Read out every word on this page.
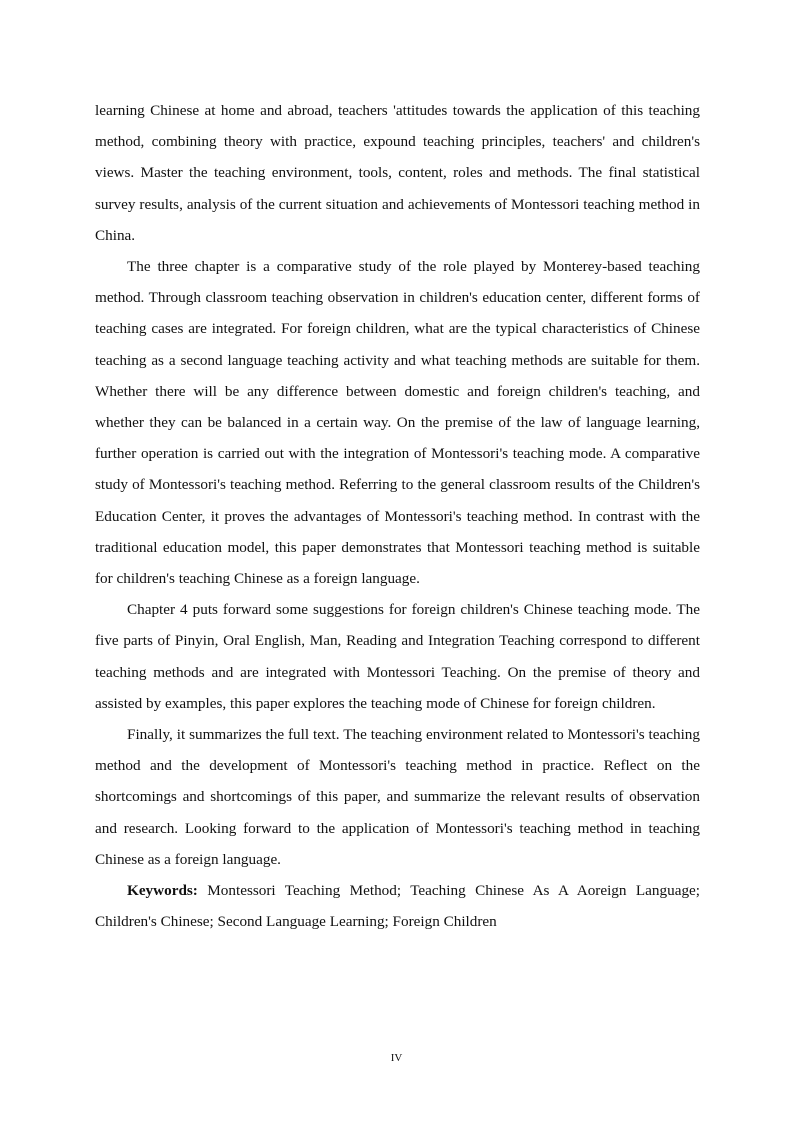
learning Chinese at home and abroad, teachers 'attitudes towards the application of this teaching method, combining theory with practice, expound teaching principles, teachers' and children's views. Master the teaching environment, tools, content, roles and methods. The final statistical survey results, analysis of the current situation and achievements of Montessori teaching method in China.

The three chapter is a comparative study of the role played by Monterey-based teaching method. Through classroom teaching observation in children's education center, different forms of teaching cases are integrated. For foreign children, what are the typical characteristics of Chinese teaching as a second language teaching activity and what teaching methods are suitable for them. Whether there will be any difference between domestic and foreign children's teaching, and whether they can be balanced in a certain way. On the premise of the law of language learning, further operation is carried out with the integration of Montessori's teaching mode. A comparative study of Montessori's teaching method. Referring to the general classroom results of the Children's Education Center, it proves the advantages of Montessori's teaching method. In contrast with the traditional education model, this paper demonstrates that Montessori teaching method is suitable for children's teaching Chinese as a foreign language.

Chapter 4 puts forward some suggestions for foreign children's Chinese teaching mode. The five parts of Pinyin, Oral English, Man, Reading and Integration Teaching correspond to different teaching methods and are integrated with Montessori Teaching. On the premise of theory and assisted by examples, this paper explores the teaching mode of Chinese for foreign children.

Finally, it summarizes the full text. The teaching environment related to Montessori's teaching method and the development of Montessori's teaching method in practice. Reflect on the shortcomings and shortcomings of this paper, and summarize the relevant results of observation and research. Looking forward to the application of Montessori's teaching method in teaching Chinese as a foreign language.

Keywords: Montessori Teaching Method; Teaching Chinese As A Aoreign Language; Children's Chinese; Second Language Learning; Foreign Children

IV
